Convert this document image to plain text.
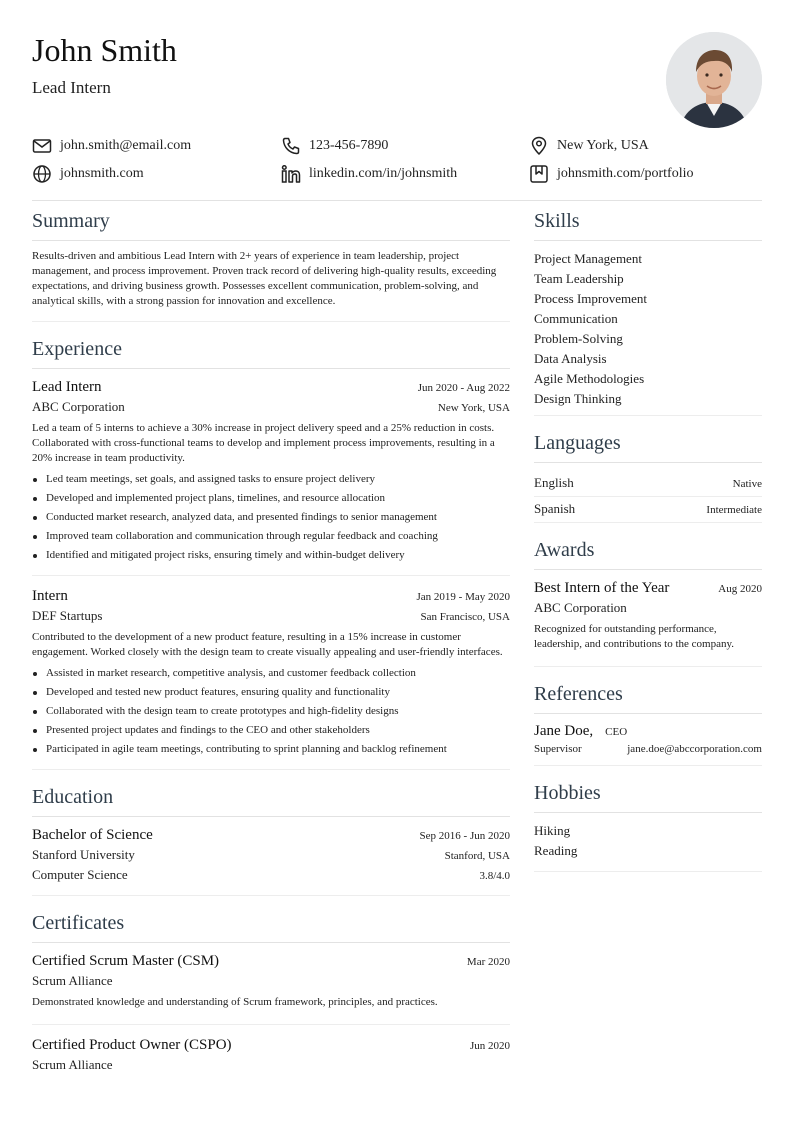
John Smith
Lead Intern
john.smith@email.com	123-456-7890	New York, USA
johnsmith.com	linkedin.com/in/johnsmith	johnsmith.com/portfolio
Summary
Results-driven and ambitious Lead Intern with 2+ years of experience in team leadership, project management, and process improvement. Proven track record of delivering high-quality results, exceeding expectations, and driving business growth. Possesses excellent communication, problem-solving, and analytical skills, with a strong passion for innovation and excellence.
Experience
Lead Intern	Jun 2020 - Aug 2022
ABC Corporation	New York, USA
Led a team of 5 interns to achieve a 30% increase in project delivery speed and a 25% reduction in costs. Collaborated with cross-functional teams to develop and implement process improvements, resulting in a 20% increase in team productivity.
Led team meetings, set goals, and assigned tasks to ensure project delivery
Developed and implemented project plans, timelines, and resource allocation
Conducted market research, analyzed data, and presented findings to senior management
Improved team collaboration and communication through regular feedback and coaching
Identified and mitigated project risks, ensuring timely and within-budget delivery
Intern	Jan 2019 - May 2020
DEF Startups	San Francisco, USA
Contributed to the development of a new product feature, resulting in a 15% increase in customer engagement. Worked closely with the design team to create visually appealing and user-friendly interfaces.
Assisted in market research, competitive analysis, and customer feedback collection
Developed and tested new product features, ensuring quality and functionality
Collaborated with the design team to create prototypes and high-fidelity designs
Presented project updates and findings to the CEO and other stakeholders
Participated in agile team meetings, contributing to sprint planning and backlog refinement
Education
Bachelor of Science	Sep 2016 - Jun 2020
Stanford University	Stanford, USA
Computer Science	3.8/4.0
Certificates
Certified Scrum Master (CSM)	Mar 2020
Scrum Alliance
Demonstrated knowledge and understanding of Scrum framework, principles, and practices.
Certified Product Owner (CSPO)	Jun 2020
Scrum Alliance
Skills
Project Management
Team Leadership
Process Improvement
Communication
Problem-Solving
Data Analysis
Agile Methodologies
Design Thinking
Languages
English	Native
Spanish	Intermediate
Awards
Best Intern of the Year	Aug 2020
ABC Corporation
Recognized for outstanding performance, leadership, and contributions to the company.
References
Jane Doe, CEO
Supervisor	jane.doe@abccorporation.com
Hobbies
Hiking
Reading
